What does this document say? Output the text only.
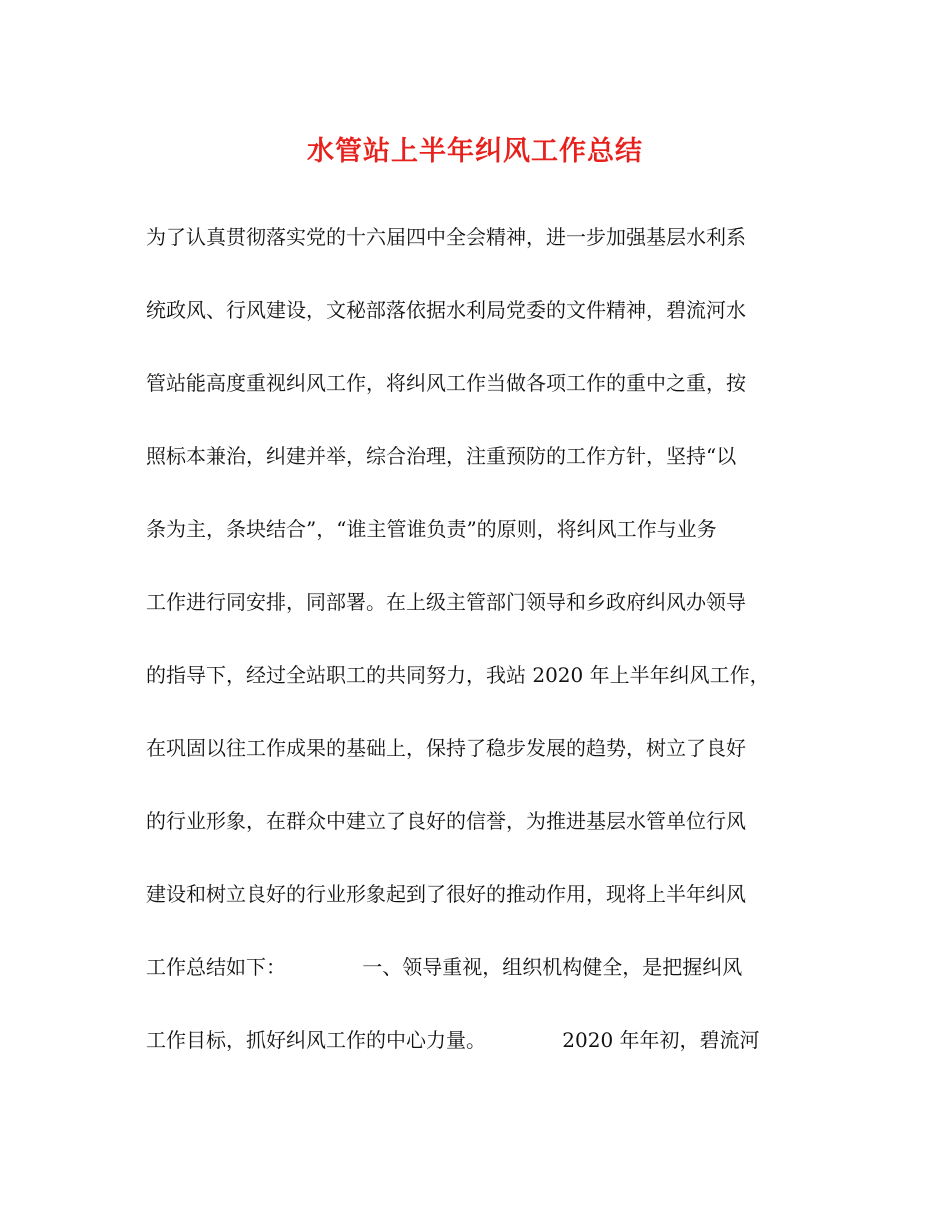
水管站上半年纠风工作总结
为了认真贯彻落实党的十六届四中全会精神，进一步加强基层水利系
统政风、行风建设，文秘部落依据水利局党委的文件精神，碧流河水
管站能高度重视纠风工作，将纠风工作当做各项工作的重中之重，按
照标本兼治，纠建并举，综合治理，注重预防的工作方针，坚持“以
条为主，条块结合”，“谁主管谁负责”的原则，将纠风工作与业务
工作进行同安排，同部署。在上级主管部门领导和乡政府纠风办领导
的指导下，经过全站职工的共同努力，我站 2020 年上半年纠风工作，
在巩固以往工作成果的基础上，保持了稳步发展的趋势，树立了良好
的行业形象，在群众中建立了良好的信誉，为推进基层水管单位行风
建设和树立良好的行业形象起到了很好的推动作用，现将上半年纠风
工作总结如下：            一、领导重视，组织机构健全，是把握纠风
工作目标，抓好纠风工作的中心力量。            2020 年年初，碧流河
